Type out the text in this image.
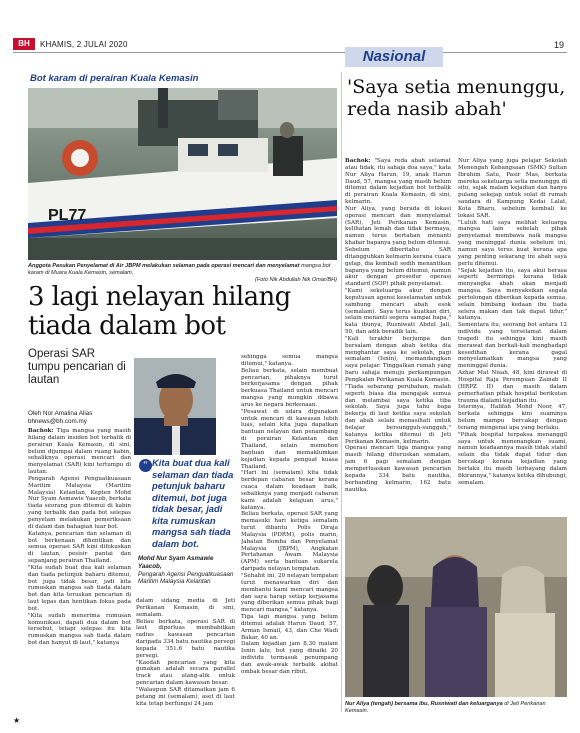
BH	KHAMIS, 2 JULAI 2020	19
Nasional
Bot karam di perairan Kuala Kemasin
PL77
Anggota Pasukan Penyelamat di Air JBPM melakukan selaman pada operasi mencari dan menyelamat mangsa bot karam di Muara Kuala Kemasin, semalam.
(Foto Nik Abdullah Nik Omar/BH)
3 lagi nelayan hilang tiada dalam bot
Operasi SAR tumpu pencarian di lautan
Oleh Nor Amalina Alias
bhnews@bh.com.my

Bachok: Tiga mangsa yang masih hilang dalam insiden bot terbalik di perairan Kuala Kemasin, di sini, belum dijumpai dalam ruang kabin, sebaliknya operasi mencari dan menyelamat (SAR) kini tertumpu di lautan.

Pengarah Agensi Penguatkuasaan Maritim Malaysia (Maritim Malaysia) Kelantan, Kepten Mohd Nur Syam Asmawie Yaacob, berkata tiada seorang pun ditemui di kabin yang terbalik dan pada bot selepas penyelam melakukan pemeriksaan di dalam dan bahagian luar bot.

Katanya, pencarian dan selaman di bot berkenaan dihentikan dan semua operasi SAR kini difokuskan di lautan, pesisir pantai dan sepanjang perairan Thailand.

"Kita sudah buat dua kali selaman dan tiada petunjuk baharu ditemui, bot juga tidak besar, jadi kita rumuskan mangsa sah tiada dalam bot dan kita teruskan pencarian di laut lepas dan hentikan fokus pada bot.

"Kita sudah menerima rumusan komunikasi, dapati dua dalam bot tersebut, tetapi selepas itu kita rumuskan mangsa sah tiada dalam bot dan hanyut di laut," katanya

“ Kita buat dua kali selaman dan tiada petunjuk baharu ditemui, bot juga tidak besar, jadi kita rumuskan mangsa sah tiada dalam bot.
Mohd Nur Syam Asmawie Yaacob,
Pengarah Agensi Penguatkuasaan Maritim Malaysia Kelantan

dalam sidang media di Jeti Perikanan Kemasin, di sini, semalam.

Beliau berkata, operasi SAR di laut diperluas membabitkan radius kawasan pencarian daripada 334 batu nautika persegi kepada 351.6 batu nautika persegi.

"Kaedah pencarian yang kita gunakan adalah secara parallel track atau ulang-alik untuk pencarian dalam kawasan besar.

"Walaupun SAR ditamatkan jam 6 petang ini (semalam), aset di laut kita tetap berfungsi 24 jam

sehingga semua mangsa ditemui," katanya.

Beliau berkata, selain membuat pencarian, pihaknya turut berkerjasama dengan pihak berkuasa Thailand untuk mencari mangsa yang mungkin dibawa arus ke negara berkenaan.

"Pesawat di udara digunakan untuk mencari di kawasan lebih luas, selain kita juga dapatkan bantuan nelayan dan penambang di perairan Kelantan dan Thailand, selain memohon bantuan dan memaklumkan kejadian kepada penguat kuasa Thailand.

"Hari ini (semalam) kita tidak berdepan cabaran besar kerana cuaca dalam keadaan baik, sebaliknya yang menjadi cabaran kami adalah kelajuan arus," katanya.

Beliau berkata, operasi SAR yang memasuki hari ketiga semalam turut dibantu Polis Diraja Malaysia (PDRM), polis marin, Jabatan Bomba dan Penyelamat Malaysia (JBPM), Angkatan Pertahanan Awam Malaysia (APM) serta bantuan sukarela daripada nelayan tempatan.

"Sehabit ini, 20 nelayan tempatan turut menawarkan diri dan membantu kami mencari mangsa dan saya harap setiap kerjasama yang diberikan semua pihak bagi mencari mangsa," katanya.

Tiga lagi mangsa yang belum ditemui adalah Harun Daud, 57, Arman Ismail, 43, dan Che Wadi Bakar, 40 an.

Dalam kejadian jam 8.30 malam Isnin lalu, bot yang dinaiki 20 individu termasuk penumpang dan awak-awak terbalik akibat ombak besar dan ribut.

'Saya setia menunggu, reda nasib abah'

Bachok: "Saya reda abah selamat atau tidak, itu sahaja doa saya," kata Nur Aliya Harun, 19, anak Harun Daud, 57, mangsa yang masih belum ditemui dalam kejadian bot terbalik di perairan Kuala Kemasin, di sini, kelmarin.

Nur Aliya, yang berada di lokasi operasi mencari dan menyelamat (SAR), Jeti Perikanan Kemasin, kelihatan lemah dan tidak bermaya, namun terus bertahan menanti khabar bapanya yang belum ditemui.

Sebelum diberitahu SAR ditangguhkan kelmarin kerana cuaca gelap, dia kembali sedih menantikan bapanya yang belum ditemui, namun akur dengan prosedur operasi standard (SOP) pihak penyelamat.

"Kami sekeluarga akur dengan keputusan agensi keselamatan untuk sambung mencari abah esok (semalam). Saya terus kuatkan diri, selain menanti segera sampai bapa," kata ibunya, Rusniwati Abdul Jali, 50, dan adik beradik lain.

"Kali terakhir berjumpa dan bersalam dengan abah ketika dia menghantar saya ke sekolah, pagi semalam (Isnin), memandangkan saya pelajar. Tinggalkan rumah yang baru sahaja menuju perkampungan Pengkalan Perikanan Kuala Kemasin.

"Tiada sebarang perubahan, malah seperti biasa dia mengajak semua dan melambai saya ketika tiba sekolah. Saya juga tahu bapa bekerja di laut ketika saya sekolah dan abah selalu menasihati untuk belajar bersungguh-sungguh," katanya ketika ditemui di Jeti Perikanan Kemasin, kelmarin.

Operasi mencari tiga mangsa yang masih hilang diteruskan semalam, jam 6 pagi semalam dengan memperluaskan kawasan pencarian kepada 334 batu nautika, berbanding kelmarin, 162 batu nautika.

Nur Aliya yang juga pelajar Sekolah Menengah Kebangsaan (SMK) Sultan Ibrahim Satu, Pasir Mas, berkata mereka sekeluarga setia menunggu di situ, sejak malam kejadian dan hanya pulang sekejap untuk solat di rumah saudara di Kampung Kedai Lalat, Kota Bharu, sebelum kembali ke lokasi SAR.

"Luluh hati saya melihat keluarga mangsa lain sebelah pihak penyelamat membawa naik mangsa yang meninggal dunia sebelum ini, namun saya terus kuat kerana apa yang penting sekarang ini abah saya perlu ditemui.

"Sejak kejadian itu, saya akui berasa seperti bermimpi kerana tidak menyangka abah akan menjadi mangsa. Saya menyaksikan segala pertolongan diberikan kepada semua, selain bimbang kedaan ibu tiada selera makan dan tak dapat tidur," katanya.

Sementara itu, seorang bot antara 12 individu yang terselamat dalam tragedi itu sehingga kini masih merawat dan berkali-kali menghadapi kesedihan kerana gagal menyelamatkan mangsa yang meninggal dunia.

Azhar Mat Nisah, 48, kini dirawat di Hospital Raja Perempuan Zainab II (HRPZ II) dan masih dalam pemerhatian pihak hospital berikutan trauma dialami kejadian itu.

Isterinya, Halifah Mohd Noor, 47, berkata sehingga kini suaminya belum mampu bercakap dengan tenang mengenai apa yang berlaku.

"Pihak hospital terpaksa menanggil saya untuk menenangkan suami, namun keadaannya masih tidak stabil selain dia tidak dapat tidur dan bercakap kerana kejadian yang berlaku itu masih terbayang dalam fikirannya," katanya ketika dihubungi, semalam.

Nur Aliya (tengah) bersama ibu, Rusniwati dan keluarganya di Jeti Perikanan Kemasin.
★
